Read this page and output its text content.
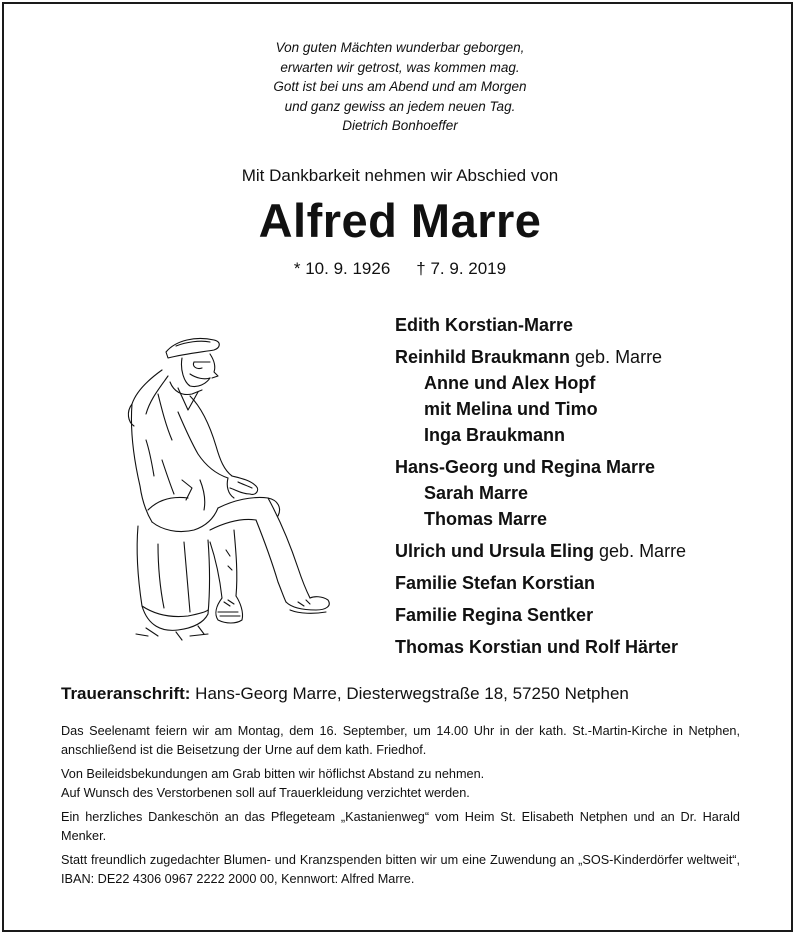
Von guten Mächten wunderbar geborgen,
erwarten wir getrost, was kommen mag.
Gott ist bei uns am Abend und am Morgen
und ganz gewiss an jedem neuen Tag.
Dietrich Bonhoeffer
Mit Dankbarkeit nehmen wir Abschied von
Alfred Marre
* 10. 9. 1926 † 7. 9. 2019
Edith Korstian-Marre
Reinhild Braukmann geb. Marre
Anne und Alex Hopf
mit Melina und Timo
Inga Braukmann
Hans-Georg und Regina Marre
Sarah Marre
Thomas Marre
Ulrich und Ursula Eling geb. Marre
Familie Stefan Korstian
Familie Regina Sentker
Thomas Korstian und Rolf Härter
Traueranschrift: Hans-Georg Marre, Diesterwegstraße 18, 57250 Netphen

Das Seelenamt feiern wir am Montag, dem 16. September, um 14.00 Uhr in der kath. St.-Martin-Kirche in Netphen, anschließend ist die Beisetzung der Urne auf dem kath. Friedhof.

Von Beileidsbekundungen am Grab bitten wir höflichst Abstand zu nehmen.

Auf Wunsch des Verstorbenen soll auf Trauerkleidung verzichtet werden.

Ein herzliches Dankeschön an das Pflegeteam „Kastanienweg“ vom Heim St. Elisabeth Netphen und an Dr. Harald Menker.

Statt freundlich zugedachter Blumen- und Kranzspenden bitten wir um eine Zuwendung an „SOS-Kinderdörfer weltweit“, IBAN: DE22 4306 0967 2222 2000 00, Kennwort: Alfred Marre.
